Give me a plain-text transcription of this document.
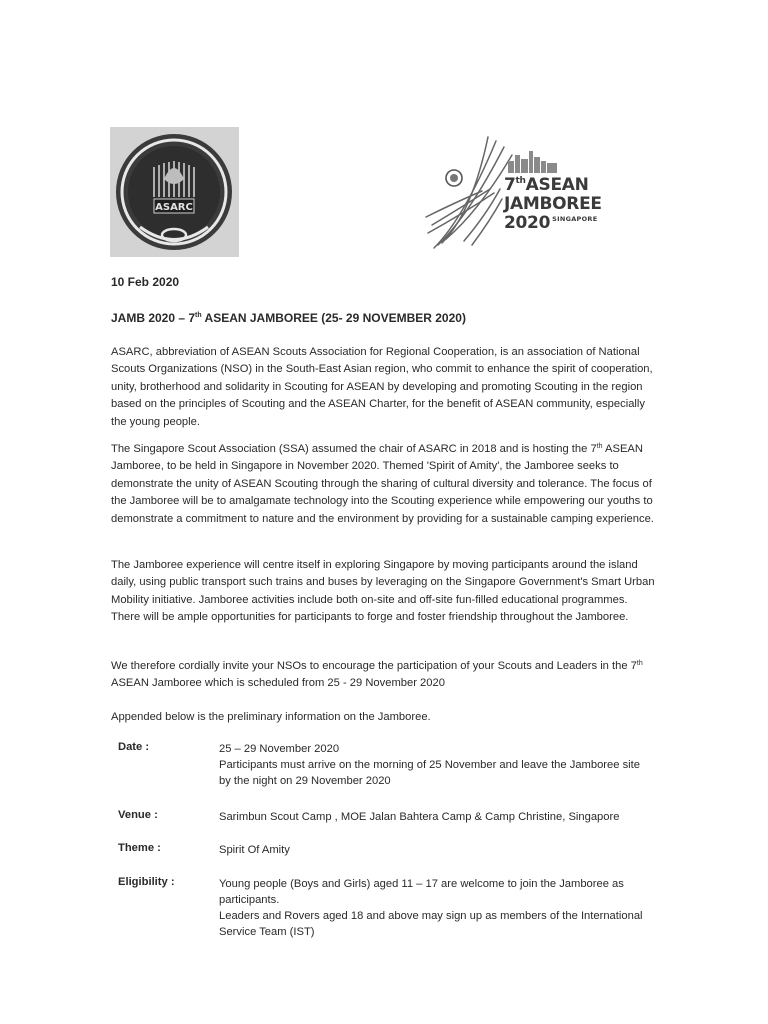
ASARC
7thASEAN
JAMBOREE
2020 $^{SINGAPORE}$
10 Feb 2020
JAMB 2020 – 7th ASEAN JAMBOREE (25- 29 NOVEMBER 2020)

ASARC, abbreviation of ASEAN Scouts Association for Regional Cooperation, is an association of National Scouts Organizations (NSO) in the South-East Asian region, who commit to enhance the spirit of cooperation, unity, brotherhood and solidarity in Scouting for ASEAN by developing and promoting Scouting in the region based on the principles of Scouting and the ASEAN Charter, for the benefit of ASEAN community, especially the young people.

The Singapore Scout Association (SSA) assumed the chair of ASARC in 2018 and is hosting the 7th ASEAN Jamboree, to be held in Singapore in November 2020. Themed 'Spirit of Amity', the Jamboree seeks to demonstrate the unity of ASEAN Scouting through the sharing of cultural diversity and tolerance. The focus of the Jamboree will be to amalgamate technology into the Scouting experience while empowering our youths to demonstrate a commitment to nature and the environment by providing for a sustainable camping experience.

The Jamboree experience will centre itself in exploring Singapore by moving participants around the island daily, using public transport such trains and buses by leveraging on the Singapore Government's Smart Urban Mobility initiative. Jamboree activities include both on-site and off-site fun-filled educational programmes. There will be ample opportunities for participants to forge and foster friendship throughout the Jamboree.

We therefore cordially invite your NSOs to encourage the participation of your Scouts and Leaders in the 7th ASEAN Jamboree which is scheduled from 25 - 29 November 2020

Appended below is the preliminary information on the Jamboree.

Date :	25 – 29 November 2020
Participants must arrive on the morning of 25 November and leave the Jamboree site by the night on 29 November 2020
Venue :	Sarimbun Scout Camp , MOE Jalan Bahtera Camp & Camp Christine, Singapore
Theme :	Spirit Of Amity
Eligibility :	Young people (Boys and Girls) aged 11 – 17 are welcome to join the Jamboree as participants.
Leaders and Rovers aged 18 and above may sign up as members of the International Service Team (IST)
